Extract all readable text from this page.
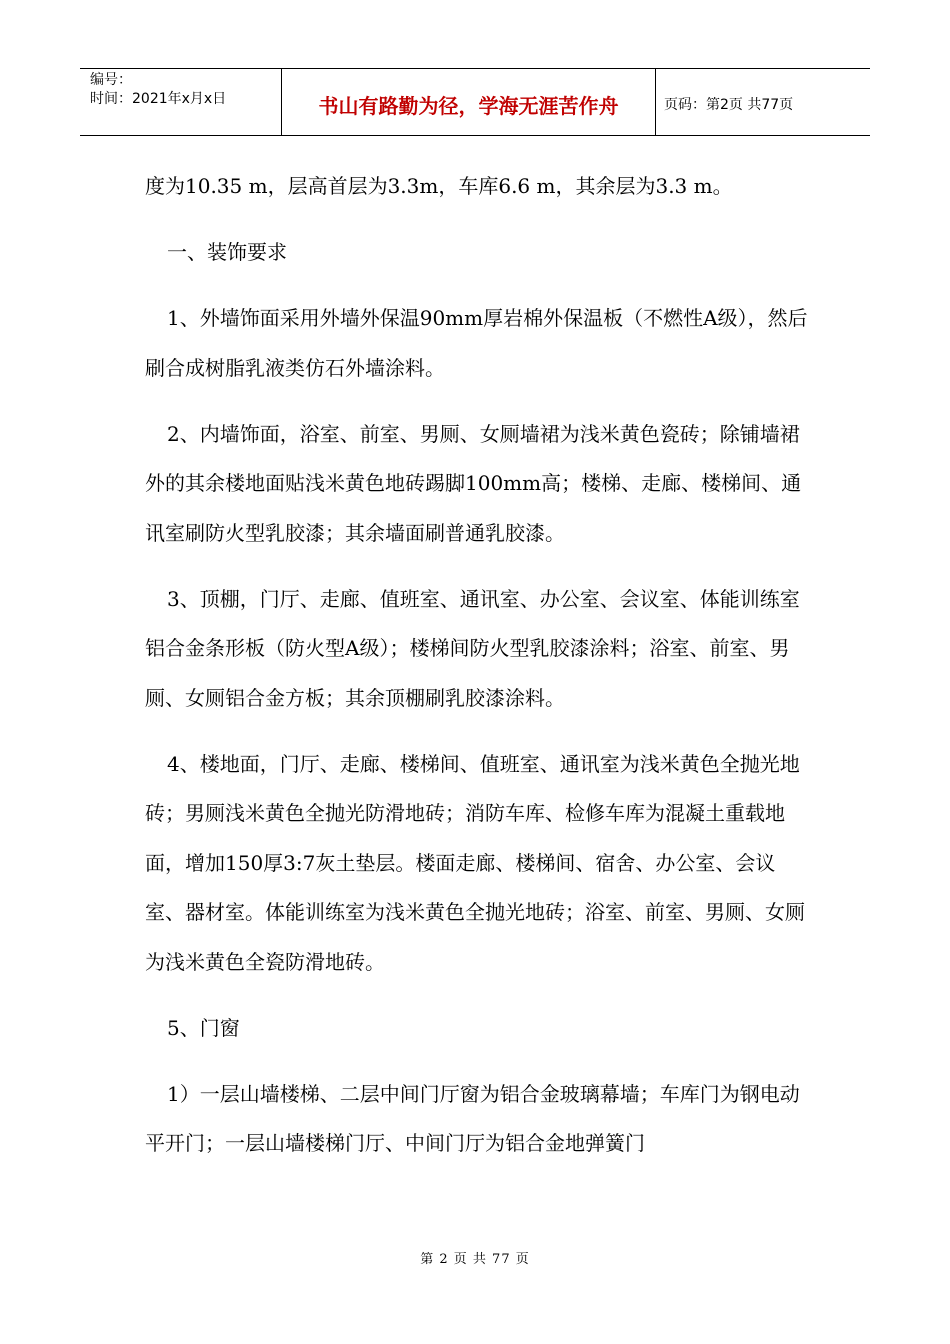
编号：
时间：2021年x月x日	书山有路勤为径，学海无涯苦作舟	页码：第2页 共77页

度为10.35 m，层高首层为3.3m，车库6.6 m，其余层为3.3 m。

一、装饰要求

1、外墙饰面采用外墙外保温90mm厚岩棉外保温板（不燃性A级），然后刷合成树脂乳液类仿石外墙涂料。

2、内墙饰面，浴室、前室、男厕、女厕墙裙为浅米黄色瓷砖；除铺墙裙外的其余楼地面贴浅米黄色地砖踢脚100mm高；楼梯、走廊、楼梯间、通讯室刷防火型乳胶漆；其余墙面刷普通乳胶漆。

3、顶棚，门厅、走廊、值班室、通讯室、办公室、会议室、体能训练室铝合金条形板（防火型A级）；楼梯间防火型乳胶漆涂料；浴室、前室、男厕、女厕铝合金方板；其余顶棚刷乳胶漆涂料。

4、楼地面，门厅、走廊、楼梯间、值班室、通讯室为浅米黄色全抛光地砖；男厕浅米黄色全抛光防滑地砖；消防车库、检修车库为混凝土重载地面，增加150厚3:7灰土垫层。楼面走廊、楼梯间、宿舍、办公室、会议室、器材室。体能训练室为浅米黄色全抛光地砖；浴室、前室、男厕、女厕为浅米黄色全瓷防滑地砖。

5、门窗

1）一层山墙楼梯、二层中间门厅窗为铝合金玻璃幕墙；车库门为钢电动平开门；一层山墙楼梯门厅、中间门厅为铝合金地弹簧门

第 2 页 共 77 页
